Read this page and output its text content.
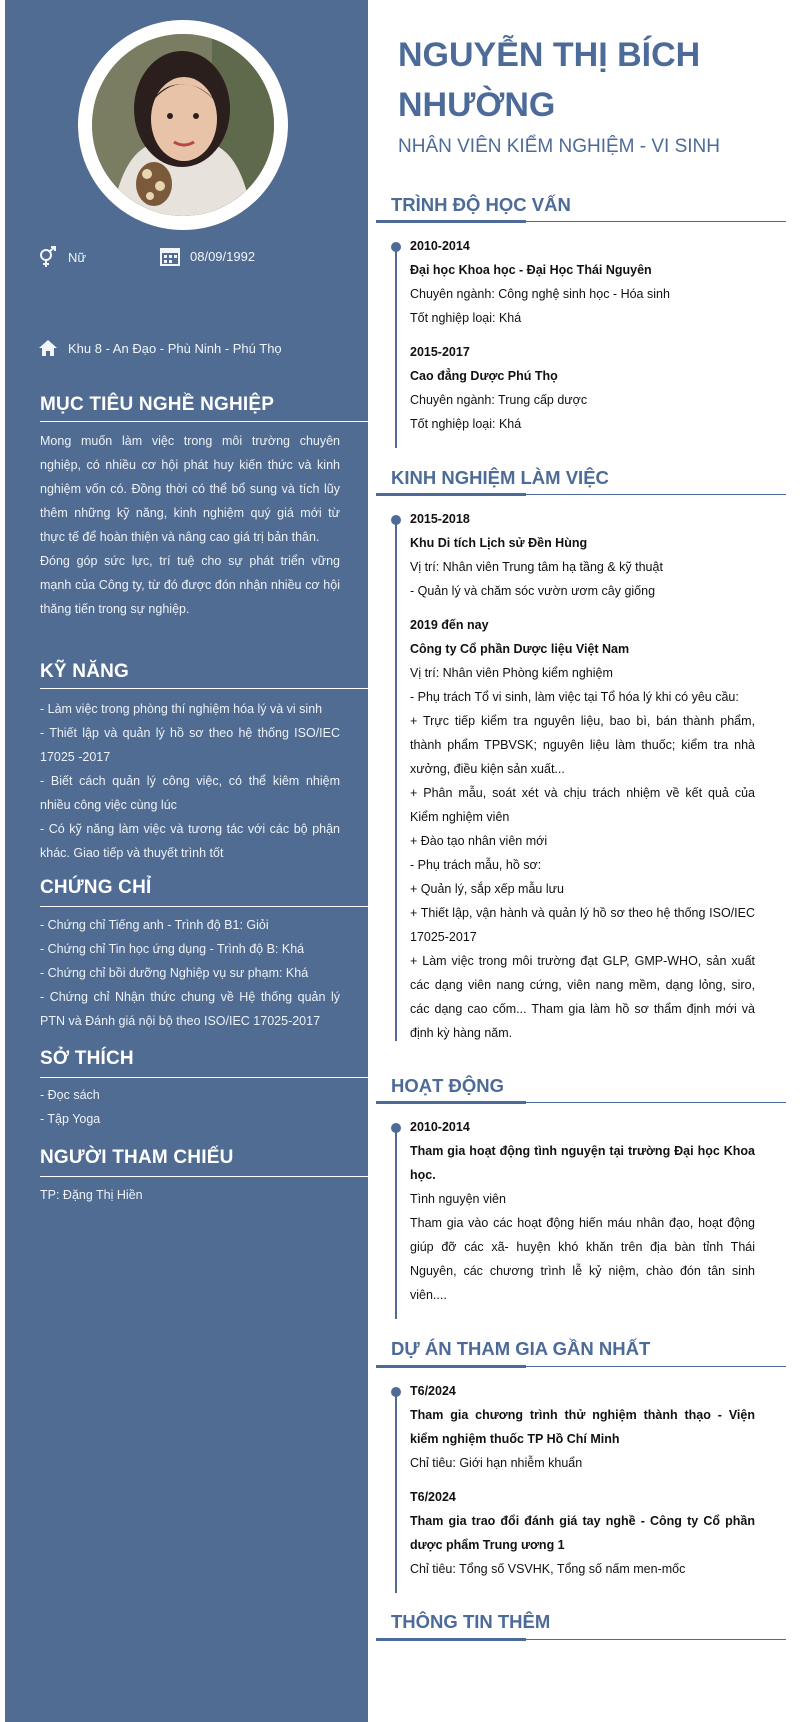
Nữ	08/09/1992
Khu 8 - An Đạo - Phù Ninh - Phú Thọ
MỤC TIÊU NGHỀ NGHIỆP

Mong muốn làm việc trong môi trường chuyên nghiệp, có nhiều cơ hội phát huy kiến thức và kinh nghiệm vốn có. Đồng thời có thể bổ sung và tích lũy thêm những kỹ năng, kinh nghiệm quý giá mới từ thực tế để hoàn thiện và nâng cao giá trị bản thân.

Đóng góp sức lực, trí tuệ cho sự phát triển vững mạnh của Công ty, từ đó được đón nhận nhiều cơ hội thăng tiến trong sự nghiệp.

KỸ NĂNG

- Làm việc trong phòng thí nghiệm hóa lý và vi sinh

- Thiết lập và quản lý hồ sơ theo hệ thống ISO/IEC 17025 -2017

- Biết cách quản lý công việc, có thể kiêm nhiệm nhiều công việc cùng lúc

- Có kỹ năng làm việc và tương tác với các bộ phận khác. Giao tiếp và thuyết trình tốt

CHỨNG CHỈ

- Chứng chỉ Tiếng anh - Trình độ B1: Giỏi

- Chứng chỉ Tin học ứng dụng - Trình độ B: Khá

- Chứng chỉ bồi dưỡng Nghiệp vụ sư phạm: Khá

- Chứng chỉ Nhận thức chung về Hệ thống quản lý PTN và Đánh giá nội bộ theo ISO/IEC 17025-2017

SỞ THÍCH

- Đọc sách

- Tập Yoga

NGƯỜI THAM CHIẾU

TP: Đặng Thị Hiền

NGUYỄN THỊ BÍCH NHƯỜNG
NHÂN VIÊN KIỂM NGHIỆM - VI SINH
TRÌNH ĐỘ HỌC VẤN

2010-2014

Đại học Khoa học - Đại Học Thái Nguyên

Chuyên ngành: Công nghệ sinh học - Hóa sinh

Tốt nghiệp loại: Khá

2015-2017

Cao đẳng Dược Phú Thọ

Chuyên ngành: Trung cấp dược

Tốt nghiệp loại: Khá

KINH NGHIỆM LÀM VIỆC

2015-2018

Khu Di tích Lịch sử Đền Hùng

Vị trí: Nhân viên Trung tâm hạ tầng & kỹ thuật

- Quản lý và chăm sóc vườn ươm cây giống

2019 đến nay

Công ty Cổ phần Dược liệu Việt Nam

Vị trí: Nhân viên Phòng kiểm nghiệm

- Phụ trách Tổ vi sinh, làm việc tại Tổ hóa lý khi có yêu cầu:

+ Trực tiếp kiểm tra nguyên liệu, bao bì, bán thành phẩm, thành phẩm TPBVSK; nguyên liệu làm thuốc; kiểm tra nhà xưởng, điều kiện sản xuất...

+ Phân mẫu, soát xét và chịu trách nhiệm về kết quả của Kiểm nghiệm viên

+ Đào tạo nhân viên mới

- Phụ trách mẫu, hồ sơ:

+ Quản lý, sắp xếp mẫu lưu

+ Thiết lập, vận hành và quản lý hồ sơ theo hệ thống ISO/IEC 17025-2017

+ Làm việc trong môi trường đạt GLP, GMP-WHO, sản xuất các dạng viên nang cứng, viên nang mềm, dạng lỏng, siro, các dạng cao cốm... Tham gia làm hồ sơ thẩm định mới và định kỳ hàng năm.

HOẠT ĐỘNG

2010-2014

Tham gia hoạt động tình nguyện tại trường Đại học Khoa học.

Tình nguyện viên

Tham gia vào các hoạt động hiến máu nhân đạo, hoạt động giúp đỡ các xã- huyện khó khăn trên địa bàn tỉnh Thái Nguyên, các chương trình lễ kỷ niệm, chào đón tân sinh viên....

DỰ ÁN THAM GIA GẦN NHẤT

T6/2024

Tham gia chương trình thử nghiệm thành thạo - Viện kiểm nghiệm thuốc TP Hồ Chí Minh

Chỉ tiêu: Giới hạn nhiễm khuẩn

T6/2024

Tham gia trao đổi đánh giá tay nghề - Công ty Cổ phần dược phẩm Trung ương 1

Chỉ tiêu: Tổng số VSVHK, Tổng số nấm men-mốc

THÔNG TIN THÊM
